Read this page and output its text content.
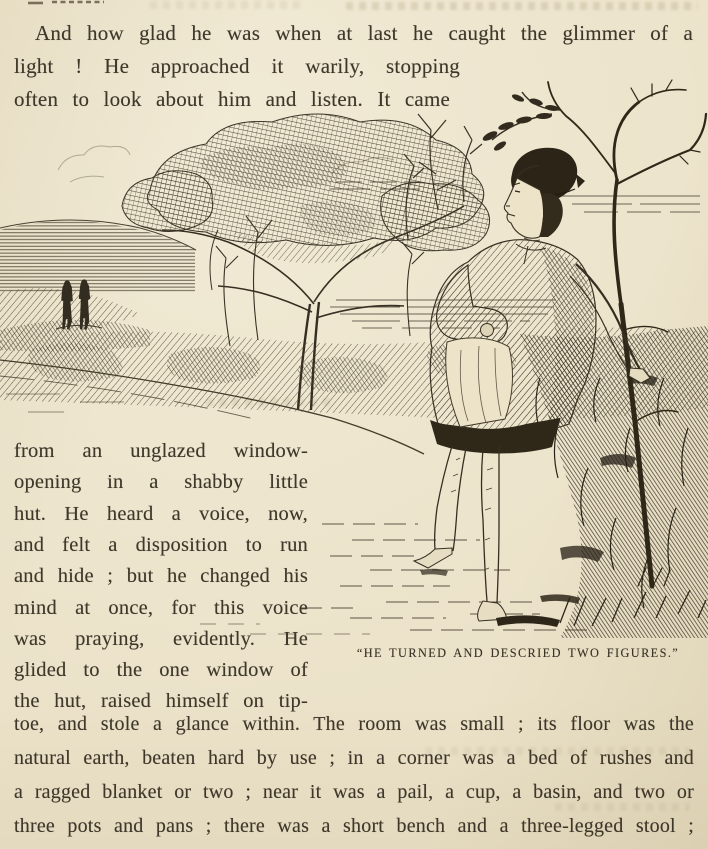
And how glad he was when at last he caught the glimmer of a
light ! He approached it warily, stopping
often to look about him and listen. It came
“HE TURNED AND DESCRIED TWO FIGURES.”
from an unglazed window-
opening in a shabby little
hut. He heard a voice, now,
and felt a disposition to run
and hide ; but he changed his
mind at once, for this voice
was praying, evidently. He
glided to the one window of
the hut, raised himself on tip-
toe, and stole a glance within. The room was small ; its floor was the
natural earth, beaten hard by use ; in a corner was a bed of rushes and
a ragged blanket or two ; near it was a pail, a cup, a basin, and two or
three pots and pans ; there was a short bench and a three-legged stool ;
